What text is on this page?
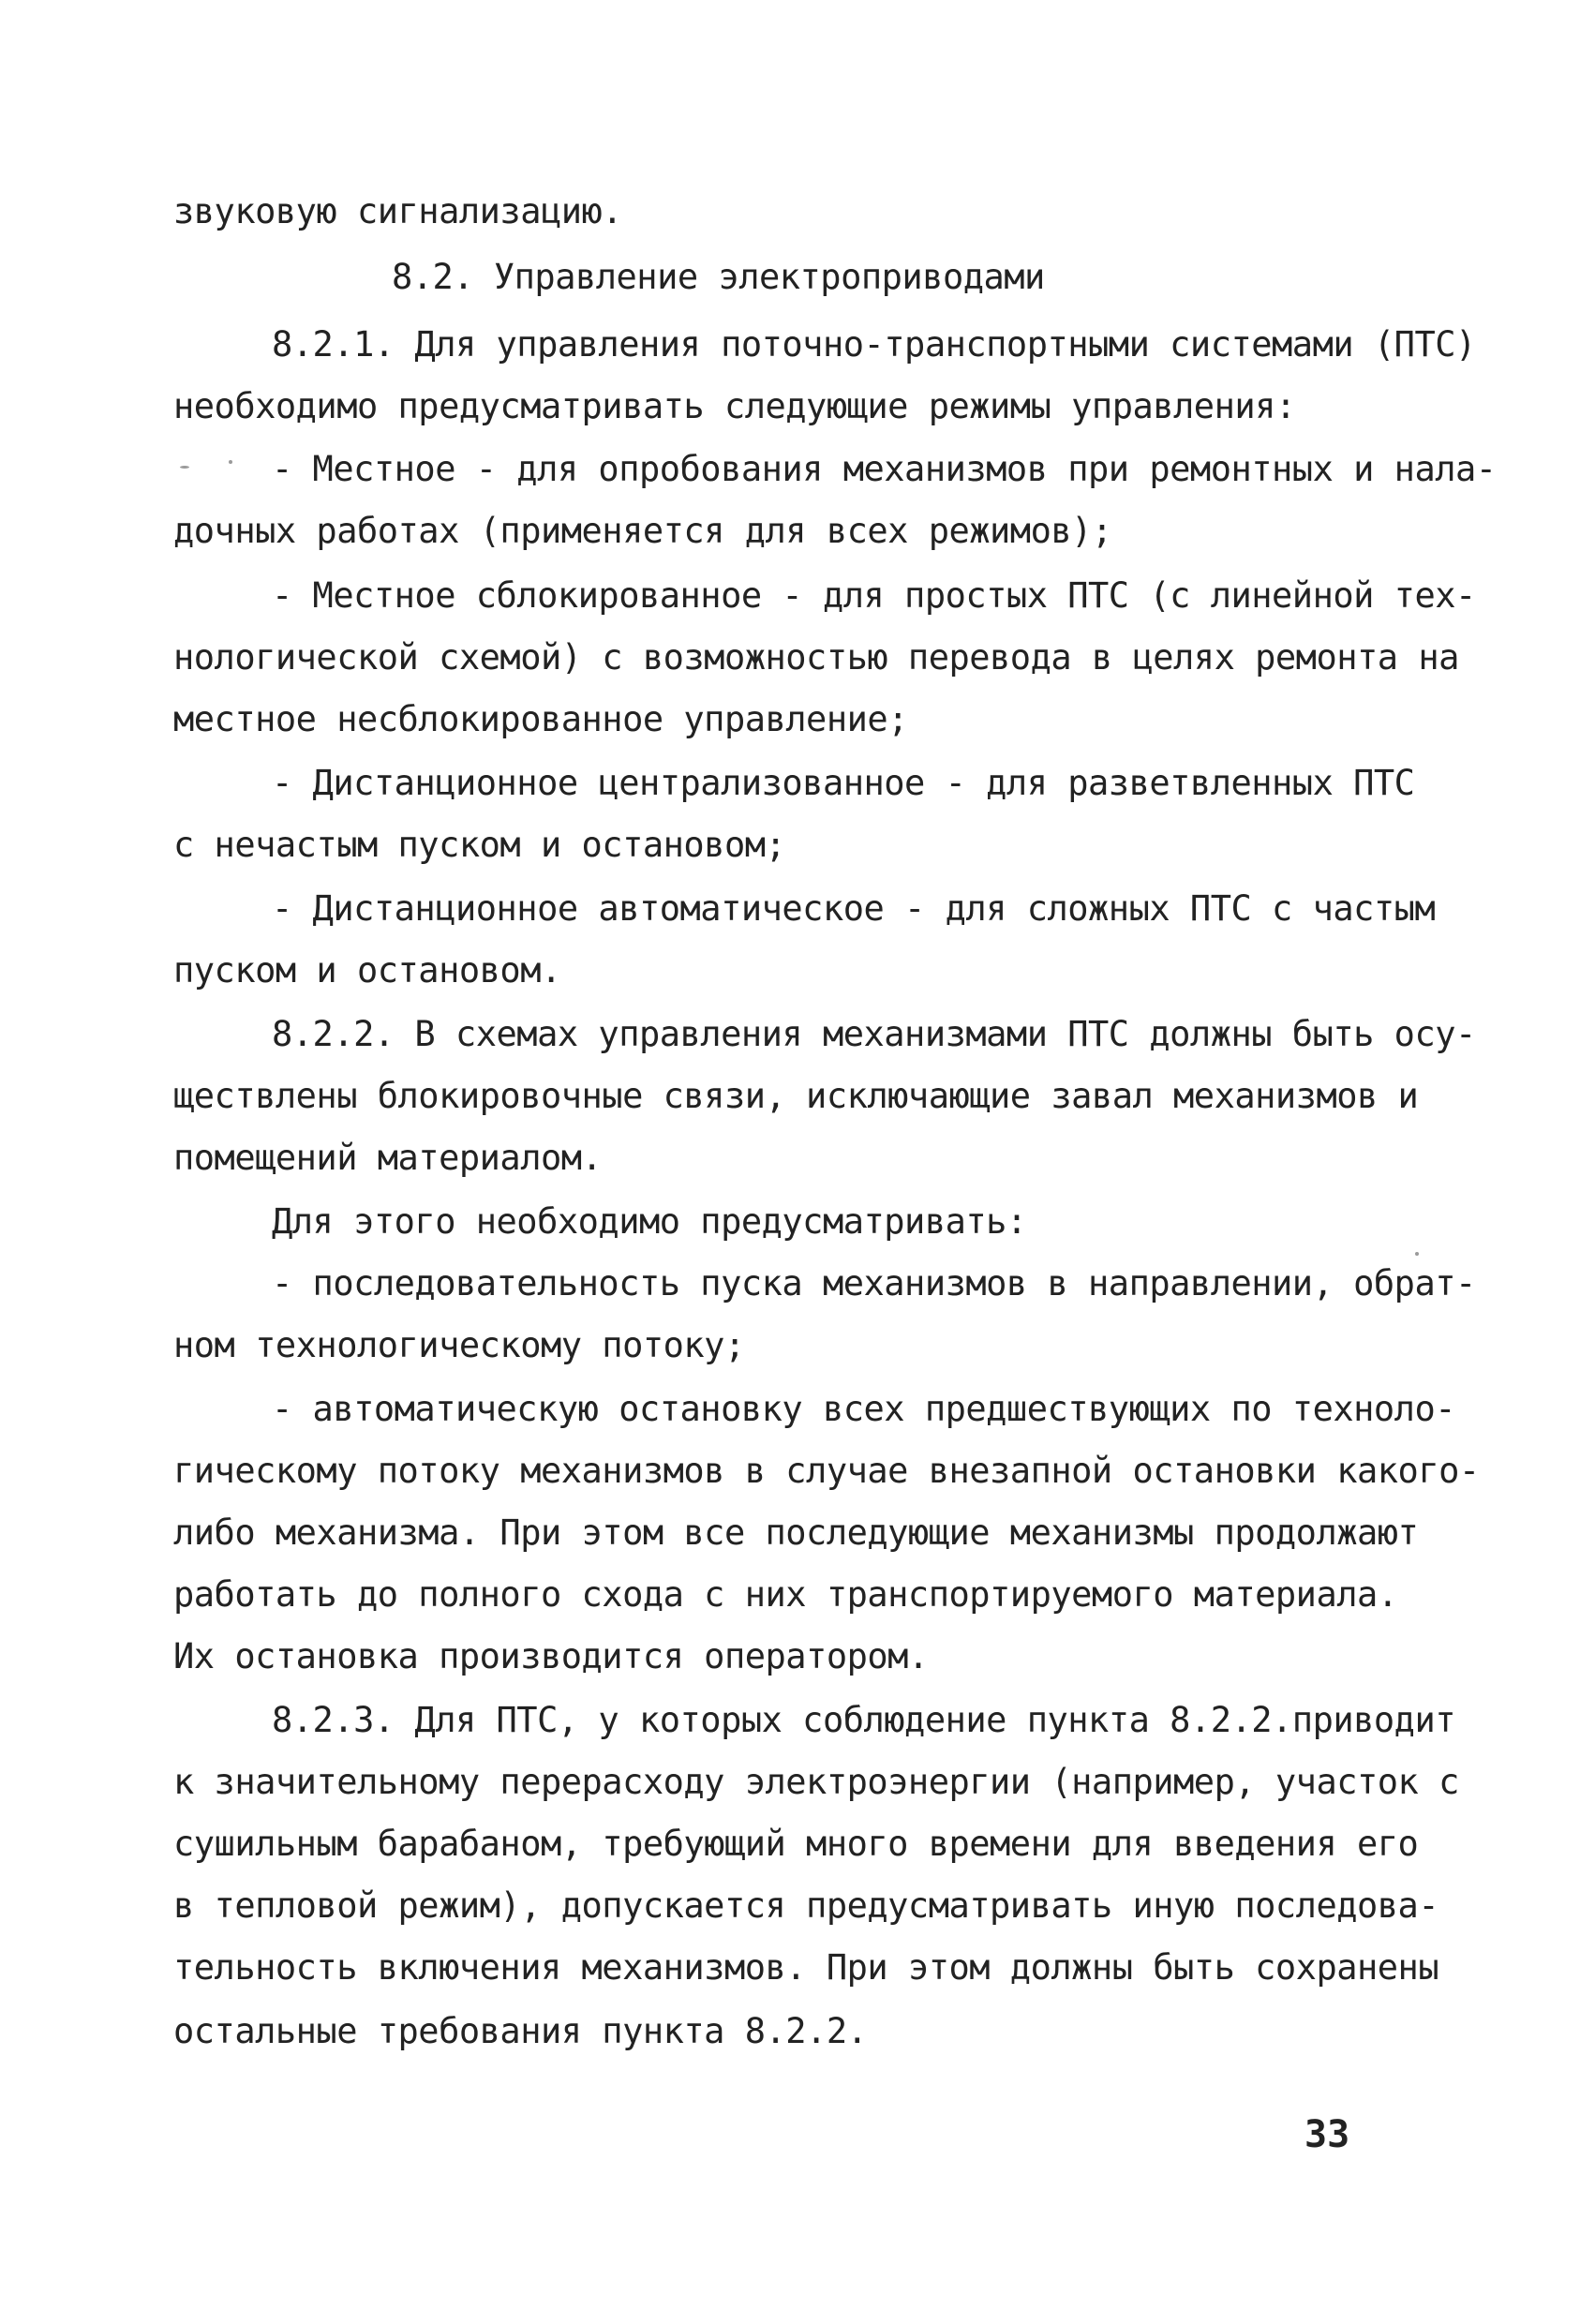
звуковую сигнализацию.
8.2. Управление электроприводами
8.2.1. Для управления поточно-транспортными системами (ПТС)
необходимо предусматривать следующие режимы управления:
- Местное - для опробования механизмов при ремонтных и нала-
дочных работах (применяется для всех режимов);
- Местное сблокированное - для простых ПТС (с линейной тех-
нологической схемой) с возможностью перевода в целях ремонта на
местное несблокированное управление;
- Дистанционное централизованное - для разветвленных ПТС
с нечастым пуском и остановом;
- Дистанционное автоматическое - для сложных ПТС с частым
пуском и остановом.
8.2.2. В схемах управления механизмами ПТС должны быть осу-
ществлены блокировочные связи, исключающие завал механизмов и
помещений материалом.
Для этого необходимо предусматривать:
- последовательность пуска механизмов в направлении, обрат-
ном технологическому потоку;
- автоматическую остановку всех предшествующих по техноло-
гическому потоку механизмов в случае внезапной остановки какого-
либо механизма. При этом все последующие механизмы продолжают
работать до полного схода с них транспортируемого материала.
Их остановка производится оператором.
8.2.3. Для ПТС, у которых соблюдение пункта 8.2.2.приводит
к значительному перерасходу электроэнергии (например, участок с
сушильным барабаном, требующий много времени для введения его
в тепловой режим), допускается предусматривать иную последова-
тельность включения механизмов. При этом должны быть сохранены
остальные требования пункта 8.2.2.
33
